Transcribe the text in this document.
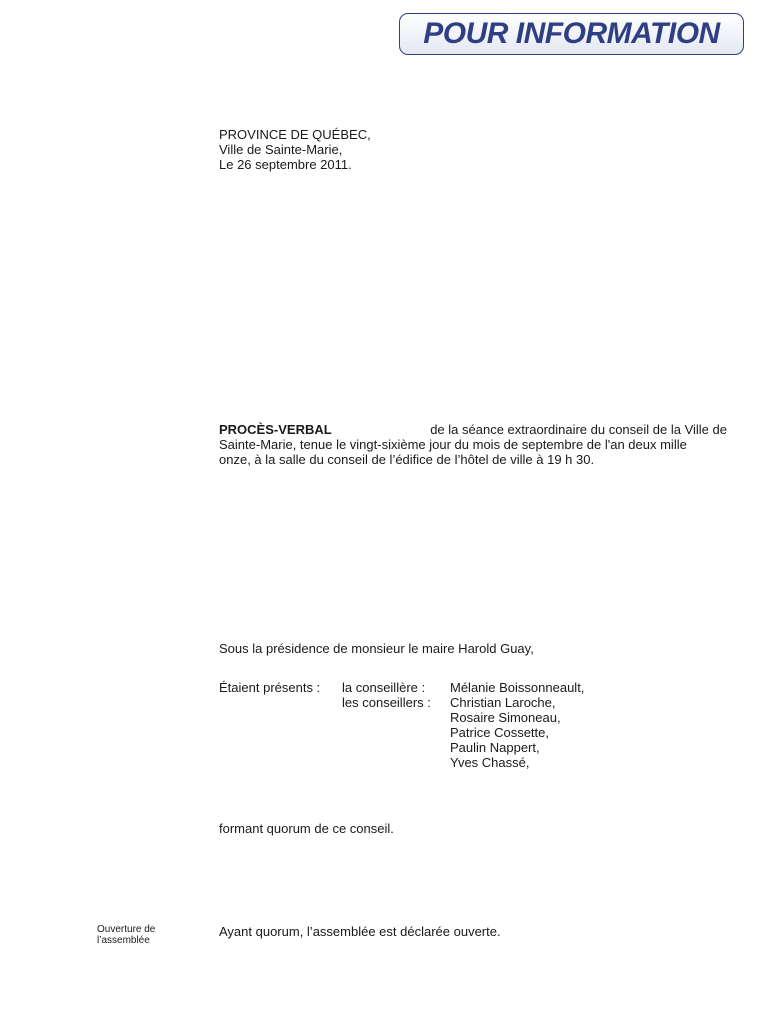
POUR INFORMATION
PROVINCE DE QUÉBEC,
Ville de Sainte-Marie,
Le 26 septembre 2011.
PROCÈS-VERBAL	de la séance extraordinaire du conseil de la Ville de
Sainte-Marie, tenue le vingt-sixième jour du mois de septembre de l'an deux mille
onze, à la salle du conseil de l’édifice de l’hôtel de ville à 19 h 30.
Sous la présidence de monsieur le maire Harold Guay,
Étaient présents : la conseillère :
les conseillers :
Mélanie Boissonneault,
Christian Laroche,
Rosaire Simoneau,
Patrice Cossette,
Paulin Nappert,
Yves Chassé,
formant quorum de ce conseil.
Ouverture de
l’assemblée
Ayant quorum, l’assemblée est déclarée ouverte.
